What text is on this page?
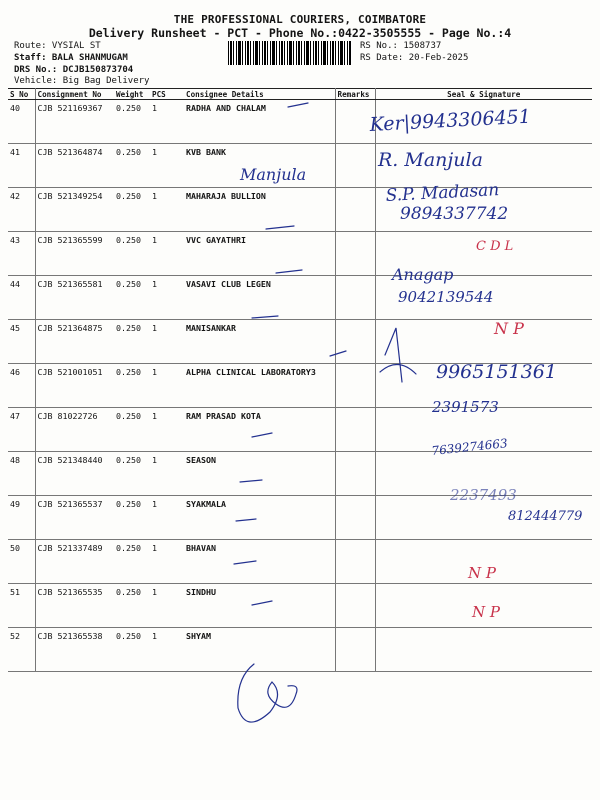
THE PROFESSIONAL COURIERS, COIMBATORE
Delivery Runsheet - PCT - Phone No.:0422-3505555 - Page No.:4
Route: VYSIAL ST
Staff: BALA SHANMUGAM
DRS No.: DCJB150873704
Vehicle: Big Bag Delivery
RS No.: 1508737
RS Date: 20-Feb-2025
S No	Consignment No	Weight	PCS	Consignee Details	Remarks	Seal & Signature
40	CJB 521169367	0.250	1	RADHA AND CHALAM		
41	CJB 521364874	0.250	1	KVB BANK		
42	CJB 521349254	0.250	1	MAHARAJA BULLION		
43	CJB 521365599	0.250	1	VVC GAYATHRI		
44	CJB 521365581	0.250	1	VASAVI CLUB LEGEN		
45	CJB 521364875	0.250	1	MANISANKAR		
46	CJB 521001051	0.250	1	ALPHA CLINICAL LABORATORY3		
47	CJB 81022726	0.250	1	RAM PRASAD KOTA		
48	CJB 521348440	0.250	1	SEASON		
49	CJB 521365537	0.250	1	SYAKMALA		
50	CJB 521337489	0.250	1	BHAVAN		
51	CJB 521365535	0.250	1	SINDHU		
52	CJB 521365538	0.250	1	SHYAM		
Ker|9943306451
R. Manjula
Manjula
S.P. Madasan
9894337742
Anagap
9042139544
9965151361
2391573
7639274663
2237493
812444779
C D L
N P
N P
N P
